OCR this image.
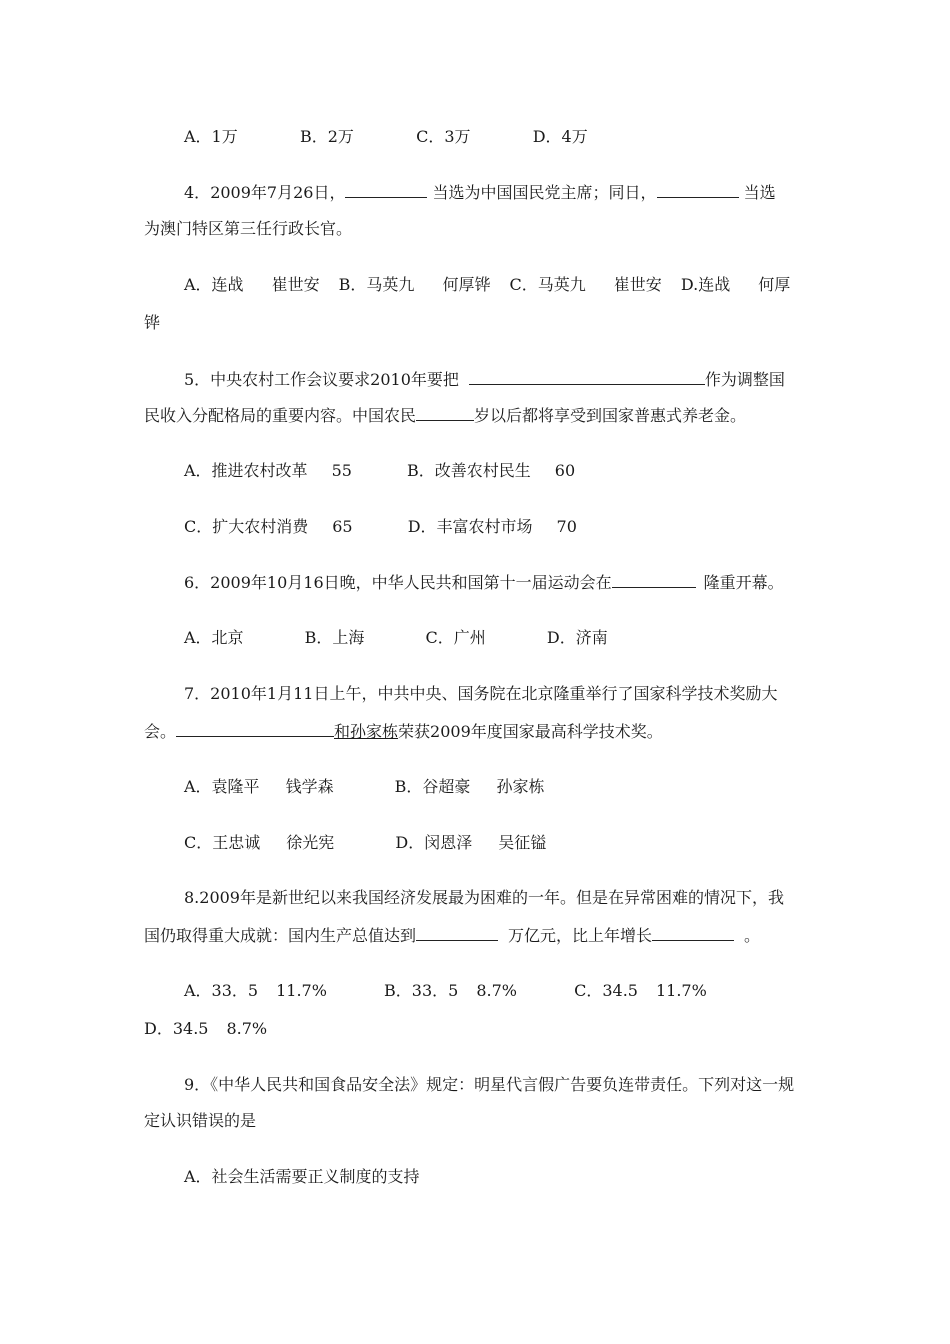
A．1万	B．2万	C．3万	D．4万
4．2009年7月26日，	当选为中国国民党主席；同日，	当选
为澳门特区第三任行政长官。
A．连战 崔世安 B．马英九 何厚铧 C．马英九 崔世安 D.连战 何厚
铧
5．中央农村工作会议要求2010年要把	作为调整国
民收入分配格局的重要内容。中国农民	岁以后都将享受到国家普惠式养老金。
A．推进农村改革 55	B．改善农村民生 60
C．扩大农村消费 65	D．丰富农村市场 70
6．2009年10月16日晚，中华人民共和国第十一届运动会在	隆重开幕。
A．北京	B．上海	C．广州	D．济南
7．2010年1月11日上午，中共中央、国务院在北京隆重举行了国家科学技术奖励大
会。	和孙家栋荣获2009年度国家最高科学技术奖。
A．袁隆平 钱学森	B．谷超豪 孙家栋
C．王忠诚 徐光宪	D．闵恩泽 吴征镒
8.2009年是新世纪以来我国经济发展最为困难的一年。但是在异常困难的情况下，我
国仍取得重大成就：国内生产总值达到	万亿元，比上年增长	。
A．33．5 11.7%	B．33．5 8.7%	C．34.5 11.7%
D．34.5 8.7%
9．《中华人民共和国食品安全法》规定：明星代言假广告要负连带责任。下列对这一规
定认识错误的是
A．社会生活需要正义制度的支持
